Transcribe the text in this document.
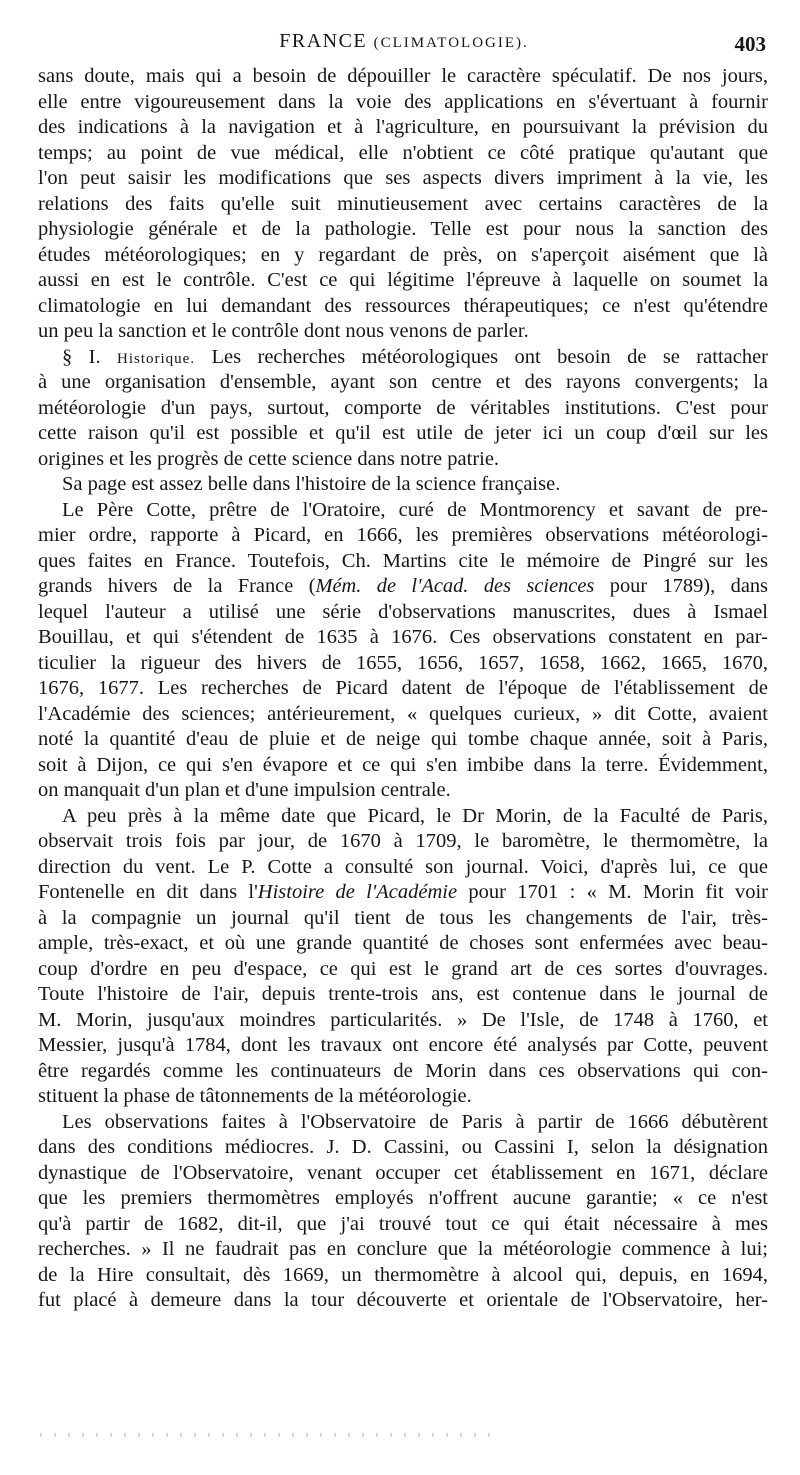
FRANCE (CLIMATOLOGIE).	403
sans doute, mais qui a besoin de dépouiller le caractère spéculatif. De nos jours,
elle entre vigoureusement dans la voie des applications en s'évertuant à fournir
des indications à la navigation et à l'agriculture, en poursuivant la prévision du
temps; au point de vue médical, elle n'obtient ce côté pratique qu'autant que
l'on peut saisir les modifications que ses aspects divers impriment à la vie, les
relations des faits qu'elle suit minutieusement avec certains caractères de la
physiologie générale et de la pathologie. Telle est pour nous la sanction des
études météorologiques; en y regardant de près, on s'aperçoit aisément que là
aussi en est le contrôle. C'est ce qui légitime l'épreuve à laquelle on soumet la
climatologie en lui demandant des ressources thérapeutiques; ce n'est qu'étendre
un peu la sanction et le contrôle dont nous venons de parler.
§ I. Historique. Les recherches météorologiques ont besoin de se rattacher
à une organisation d'ensemble, ayant son centre et des rayons convergents; la
météorologie d'un pays, surtout, comporte de véritables institutions. C'est pour
cette raison qu'il est possible et qu'il est utile de jeter ici un coup d'œil sur les
origines et les progrès de cette science dans notre patrie.
Sa page est assez belle dans l'histoire de la science française.
Le Père Cotte, prêtre de l'Oratoire, curé de Montmorency et savant de pre-
mier ordre, rapporte à Picard, en 1666, les premières observations météorologi-
ques faites en France. Toutefois, Ch. Martins cite le mémoire de Pingré sur les
grands hivers de la France (Mém. de l'Acad. des sciences pour 1789), dans
lequel l'auteur a utilisé une série d'observations manuscrites, dues à Ismael
Bouillau, et qui s'étendent de 1635 à 1676. Ces observations constatent en par-
ticulier la rigueur des hivers de 1655, 1656, 1657, 1658, 1662, 1665, 1670,
1676, 1677. Les recherches de Picard datent de l'époque de l'établissement de
l'Académie des sciences; antérieurement, « quelques curieux, » dit Cotte, avaient
noté la quantité d'eau de pluie et de neige qui tombe chaque année, soit à Paris,
soit à Dijon, ce qui s'en évapore et ce qui s'en imbibe dans la terre. Évidemment,
on manquait d'un plan et d'une impulsion centrale.
A peu près à la même date que Picard, le Dr Morin, de la Faculté de Paris,
observait trois fois par jour, de 1670 à 1709, le baromètre, le thermomètre, la
direction du vent. Le P. Cotte a consulté son journal. Voici, d'après lui, ce que
Fontenelle en dit dans l'Histoire de l'Académie pour 1701 : « M. Morin fit voir
à la compagnie un journal qu'il tient de tous les changements de l'air, très-
ample, très-exact, et où une grande quantité de choses sont enfermées avec beau-
coup d'ordre en peu d'espace, ce qui est le grand art de ces sortes d'ouvrages.
Toute l'histoire de l'air, depuis trente-trois ans, est contenue dans le journal de
M. Morin, jusqu'aux moindres particularités. » De l'Isle, de 1748 à 1760, et
Messier, jusqu'à 1784, dont les travaux ont encore été analysés par Cotte, peuvent
être regardés comme les continuateurs de Morin dans ces observations qui con-
stituent la phase de tâtonnements de la météorologie.
Les observations faites à l'Observatoire de Paris à partir de 1666 débutèrent
dans des conditions médiocres. J. D. Cassini, ou Cassini I, selon la désignation
dynastique de l'Observatoire, venant occuper cet établissement en 1671, déclare
que les premiers thermomètres employés n'offrent aucune garantie; « ce n'est
qu'à partir de 1682, dit-il, que j'ai trouvé tout ce qui était nécessaire à mes
recherches. » Il ne faudrait pas en conclure que la météorologie commence à lui;
de la Hire consultait, dès 1669, un thermomètre à alcool qui, depuis, en 1694,
fut placé à demeure dans la tour découverte et orientale de l'Observatoire, her-
